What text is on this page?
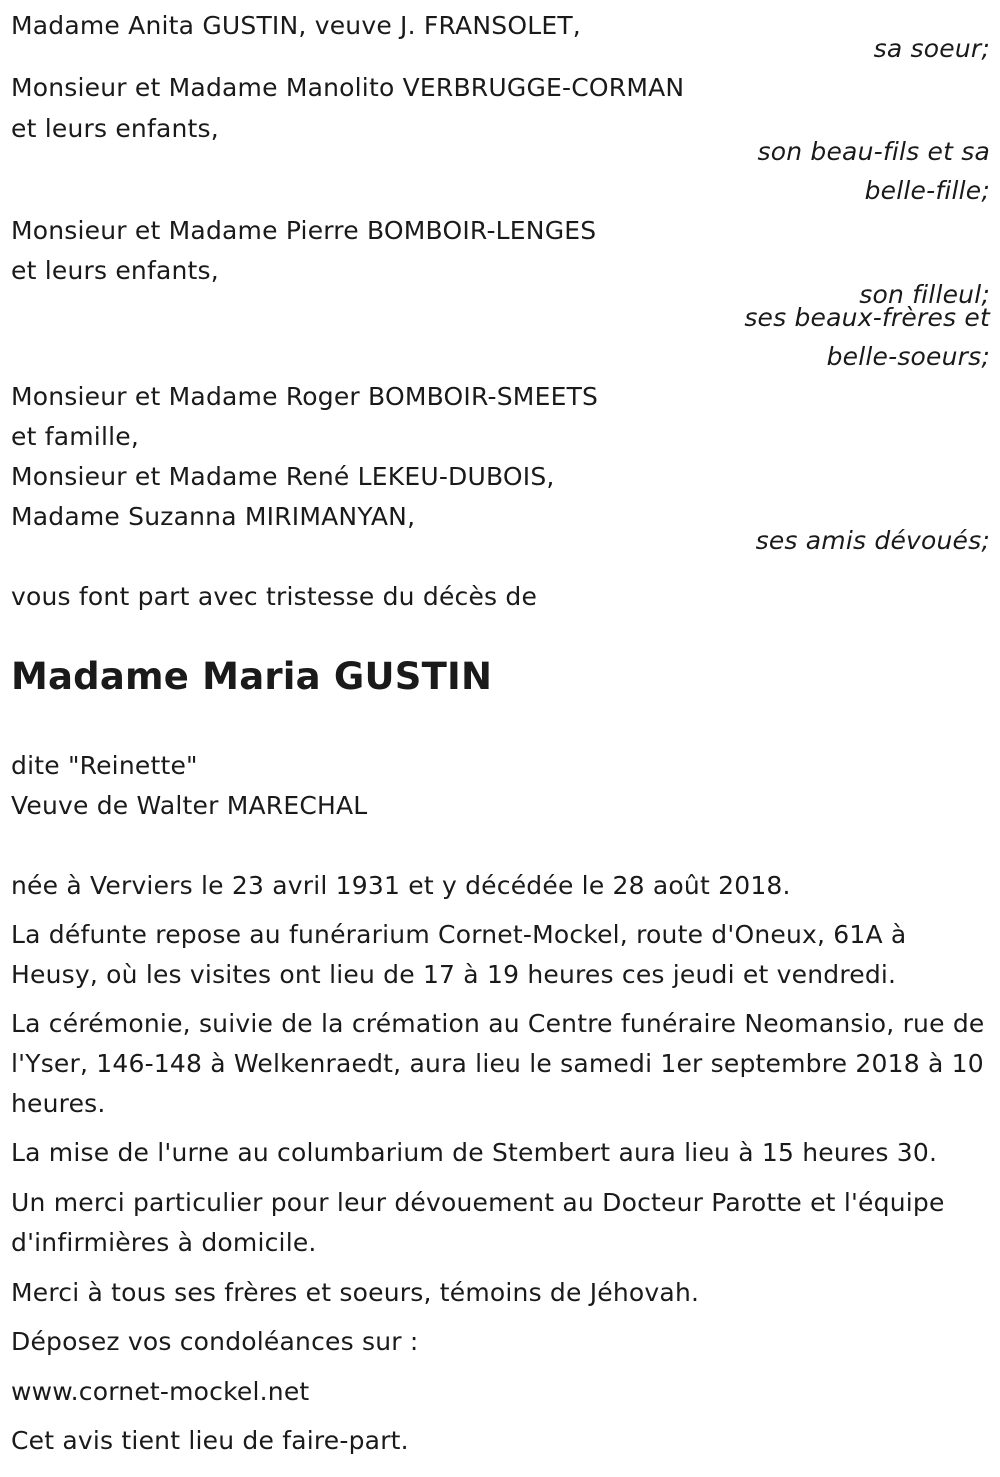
Madame Anita GUSTIN, veuve J. FRANSOLET,
sa soeur;
Monsieur et Madame Manolito VERBRUGGE-CORMAN
et leurs enfants,
son beau-fils et sa
belle-fille;
Monsieur et Madame Pierre BOMBOIR-LENGES
et leurs enfants,
son filleul;
ses beaux-frères et
belle-soeurs;
Monsieur et Madame Roger BOMBOIR-SMEETS
et famille,
Monsieur et Madame René LEKEU-DUBOIS,
Madame Suzanna MIRIMANYAN,
ses amis dévoués;
vous font part avec tristesse du décès de
Madame Maria GUSTIN
dite "Reinette"
Veuve de Walter MARECHAL
née à Verviers le 23 avril 1931 et y décédée le 28 août 2018.
La défunte repose au funérarium Cornet-Mockel, route d'Oneux, 61A à Heusy, où les visites ont lieu de 17 à 19 heures ces jeudi et vendredi.
La cérémonie, suivie de la crémation au Centre funéraire Neomansio, rue de l'Yser, 146-148 à Welkenraedt, aura lieu le samedi 1er septembre 2018 à 10 heures.
La mise de l'urne au columbarium de Stembert aura lieu à 15 heures 30.
Un merci particulier pour leur dévouement au Docteur Parotte et l'équipe d'infirmières à domicile.
Merci à tous ses frères et soeurs, témoins de Jéhovah.
Déposez vos condoléances sur :
www.cornet-mockel.net
Cet avis tient lieu de faire-part.
